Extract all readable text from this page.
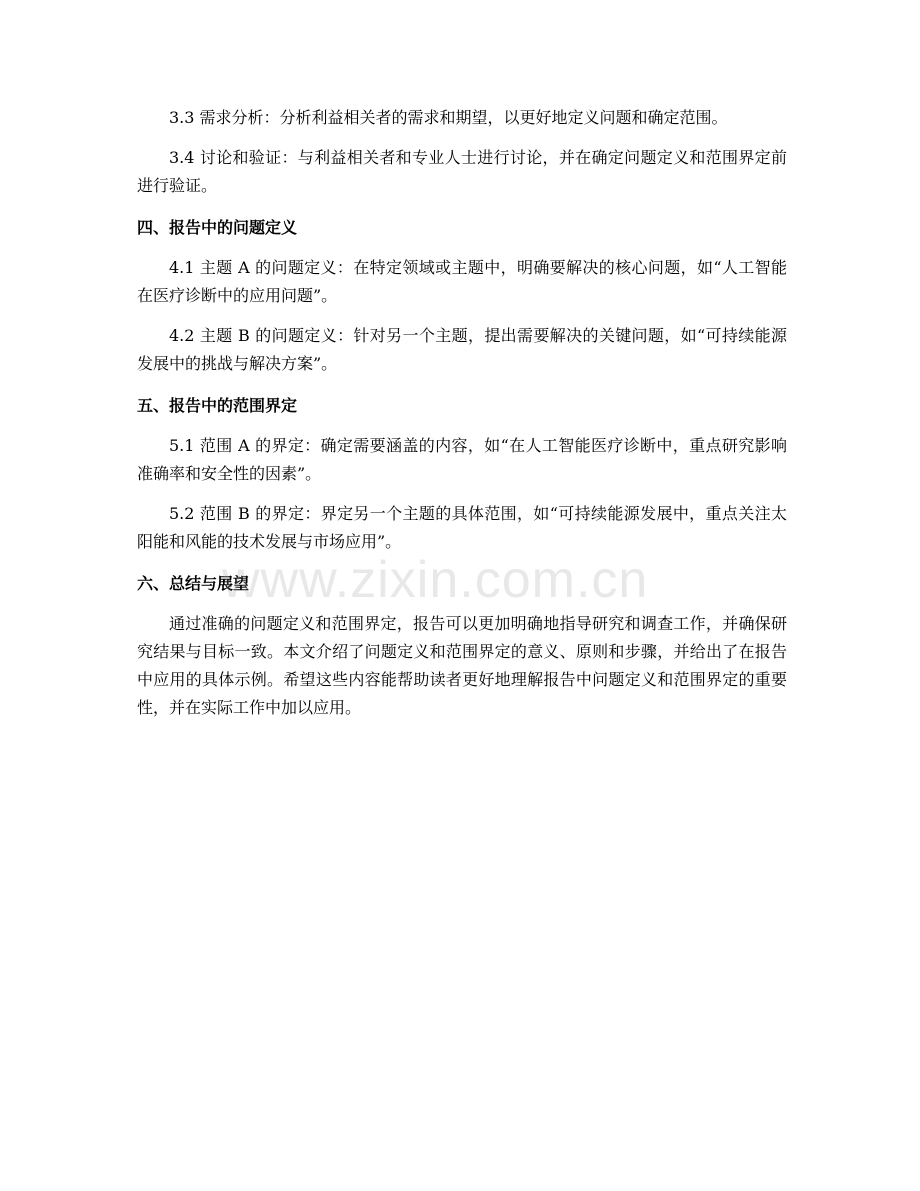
3.3 需求分析：分析利益相关者的需求和期望，以更好地定义问题和确定范围。

3.4 讨论和验证：与利益相关者和专业人士进行讨论，并在确定问题定义和范围界定前进行验证。

四、报告中的问题定义

4.1 主题 A 的问题定义：在特定领域或主题中，明确要解决的核心问题，如“人工智能在医疗诊断中的应用问题”。

4.2 主题 B 的问题定义：针对另一个主题，提出需要解决的关键问题，如“可持续能源发展中的挑战与解决方案”。

五、报告中的范围界定

5.1 范围 A 的界定：确定需要涵盖的内容，如“在人工智能医疗诊断中，重点研究影响准确率和安全性的因素”。

5.2 范围 B 的界定：界定另一个主题的具体范围，如“可持续能源发展中，重点关注太阳能和风能的技术发展与市场应用”。

六、总结与展望

通过准确的问题定义和范围界定，报告可以更加明确地指导研究和调查工作，并确保研究结果与目标一致。本文介绍了问题定义和范围界定的意义、原则和步骤，并给出了在报告中应用的具体示例。希望这些内容能帮助读者更好地理解报告中问题定义和范围界定的重要性，并在实际工作中加以应用。

www.zixin.com.cn
